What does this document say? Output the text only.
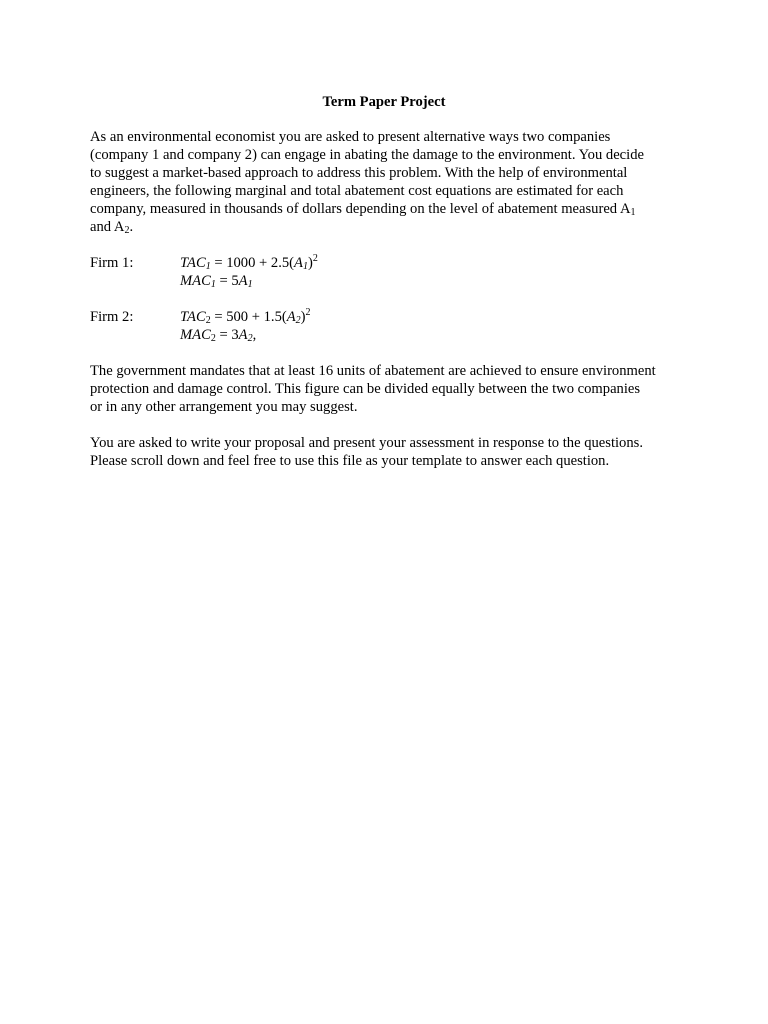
Term Paper Project

As an environmental economist you are asked to present alternative ways two companies
(company 1 and company 2) can engage in abating the damage to the environment. You decide
to suggest a market-based approach to address this problem. With the help of environmental
engineers, the following marginal and total abatement cost equations are estimated for each
company, measured in thousands of dollars depending on the level of abatement measured $A_1$
and $A_2$.
Firm 1:	$TAC_1 = 1000 + 2.5(A_1)^2$
$MAC_1 = 5A_1$
Firm 2:	$TAC_2 = 500 + 1.5(A_2)^2$
$MAC_2 = 3A_2$,
The government mandates that at least 16 units of abatement are achieved to ensure environment
protection and damage control. This figure can be divided equally between the two companies
or in any other arrangement you may suggest.
You are asked to write your proposal and present your assessment in response to the questions.
Please scroll down and feel free to use this file as your template to answer each question.
